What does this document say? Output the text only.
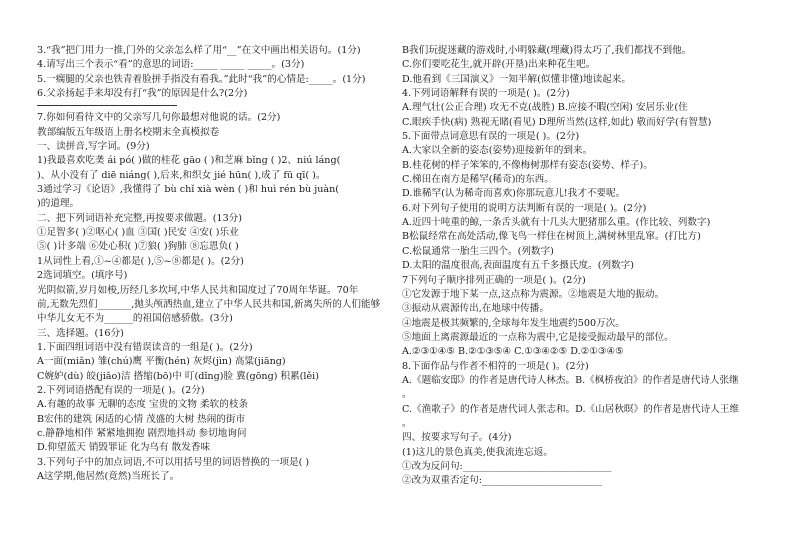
3.“我”把门用力一推,门外的父亲怎么样了用“__”在文中画出相关语句。(1分)
4.请写出三个表示“看”的意思的词语:_____ _____ _____。(3分)
5.一瘸腿的父亲也铁青着脸拼手指没有看我。”此时“我”的心情是:_____。(1分)
6.父亲扬起手来却没有打“我”的原因是什么?(2分)
7.你如何看待文中的父亲写几句你最想对他说的话。(2分)
教部编版五年级语上册名校期末全真模拟卷
一、读拼音,写字词。(9分)
1)我最喜欢吃䶮 ái pó( )做的桂花 gāo ( )和芝麻 bǐng ( )2、niú láng(
)、从小没有了 diē niáng( ),后来,和织女 jié hūn( ),成了 fū qī( )。
3通过学习《论语》,我懂得了 bù chǐ xià wèn ( )和 huì rén bù juàn(
)的道理。
二、把下列词语补充完整,再按要求做题。(13分)
①足智多( )②呕心( )血 ③国( )民安 ④安( )乐业
⑤( )计多端 ⑥处心积( )⑦狼( )狗肺 ⑧忘恩负( )
1从词性上看,①~④都是( ),⑤~⑧都是( )。(2分)
2选词填空。(填序号)
光阴似箭,岁月如梭,历经几多坎坷,中华人民共和国度过了70周年华诞。70年
前,无数先烈们_______,抛头颅洒热血,建立了中华人民共和国,新离失所的人们能够
中华儿女无不为______的祖国倍感骄傲。(3分)
三、选择题。(16分)
1.下面四组词语中没有错误读音的一组是( )。(2分)
A一面(miǎn) 雏(chú)鹰 平衡(hén) 灰烬(jìn) 高粱(jiāng)
C婉妒(dù) 皎(jiǎo)洁 搭缩(bō)中 叮(dǐng)脸 冀(gōng) 积累(lěi)
2.下列词语搭配有误的一项是( )。(2分)
A.有趣的故事 无聊的态度 宝贵的文物 柔软的枝条
B宏伟的建筑 闲适的心情 茂盛的大树 热闹的街市
c.静静地相伴 紧紧地拥抱 剧烈地抖动 参切地询问
D.仰望蓝天 销毁罪证 化为乌有 散发香味
3.下列句子中的加点词语,不可以用括号里的词语替换的一项是( )
A这学期,他居然(竟然)当班长了。
B我们玩捉迷藏的游戏时,小明躲藏(埋藏)得太巧了,我们都找不到他。
C.你们要吃花生,就开辟(开垦)出来种花生吧。
D.他看到《三国演义》一知半解(似懂非懂)地读起来。
4.下列词语解释有误的一项是( )。(2分)
A.理气壮(公正合理) 攻无不克(战胜) B.应接不暇(空闲) 安居乐业(住
C.眼疾手快(病) 熟视无睹(看见) D理所当然(这样,如此) 敬而好学(有智慧)
5.下面带点词意思有误的一项是( )。(2分)
A.大家以全新的姿态(姿势)迎接新年的到来。
B.桂花树的样子笨笨的,不像梅树那样有姿态(姿势、样子)。
C.梯田在南方是稀罕(稀奇)的东西。
D.谁稀罕(认为稀奇而喜欢)你那玩意儿!我才不要呢。
6.对下列句子使用的说明方法判断有误的一项是( )。(2分)
A.近四十吨重的鲸,一条舌头就有十几头大肥猪那么重。(作比较、列数字)
B松鼠经常在高处活动,像飞鸟一样住在树顶上,满树林里乱窜。(打比方)
C.松鼠通常一胎生三四个。(列数字)
D.太阳的温度很高,表面温度有五千多摄氏度。(列数字)
7下列句子顺序排列正确的一项是( )。(2分)
①它发源于地下某一点,这点称为震源。②地震是大地的振动。
③振动从震源传出,在地球中传播。
④地震是极其频繁的,全球每年发生地震约500万次。
⑤地面上离震源最近的一点称为震中,它是接受振动最早的部位。
A.②③①④⑤ B.②①③⑤④ C.①③④②⑤ D.②①③④⑤
8.下面作品与作者不相符的一项是( )。(2分)
A.《题临安邸》的作者是唐代诗人林杰。B.《枫桥夜泊》的作者是唐代诗人张继
。
C.《渔歌子》的作者是唐代词人张志和。D.《山居秋暝》的作者是唐代诗人王维
。
四、按要求写句子。(4分)
(1)这儿的景色真美,使我流连忘返。
①改为反问句:_______________________________
②改为双重否定句:_________________________
